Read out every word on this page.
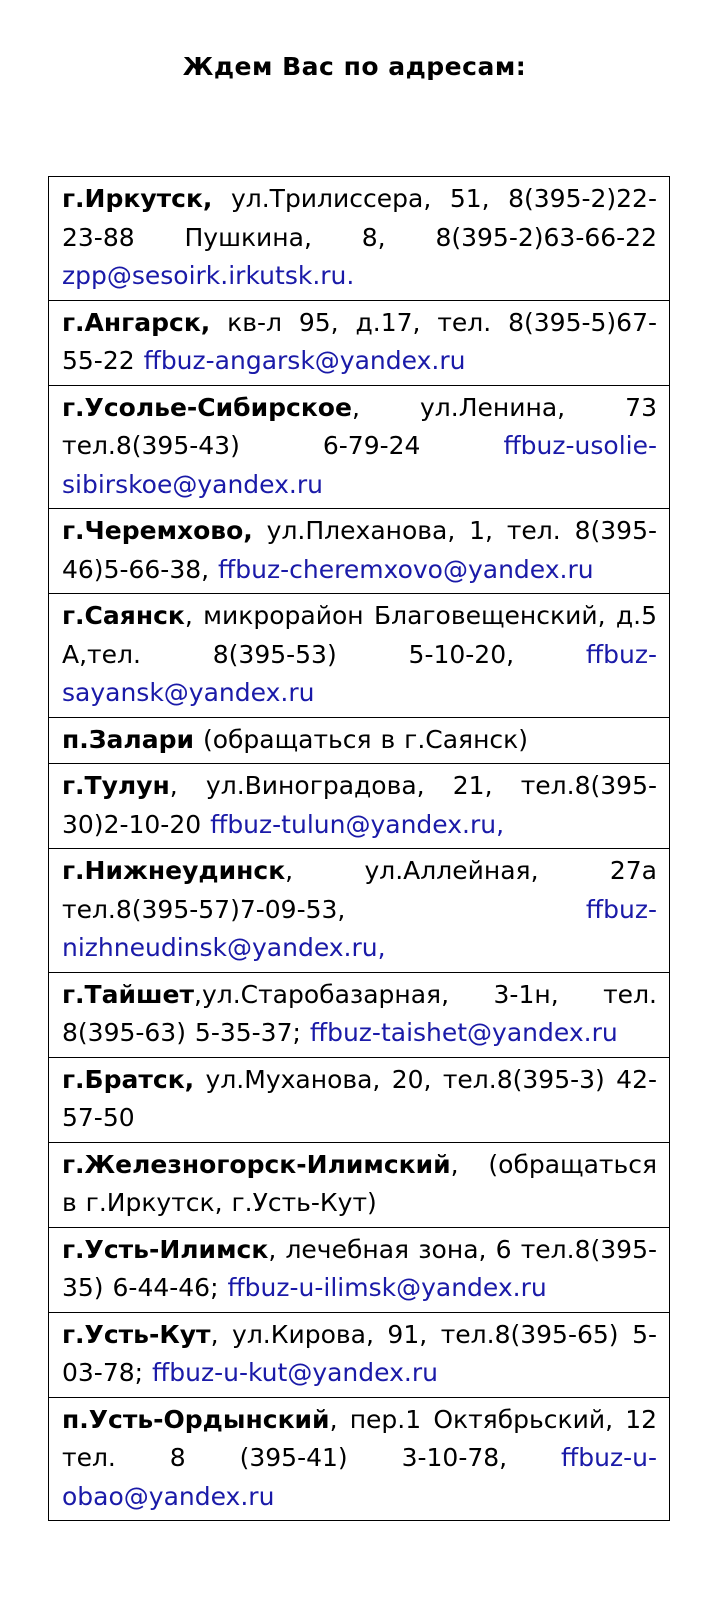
Ждем Вас по адресам:
г.Иркутск, ул.Трилиссера, 51, 8(395-2)22-23-88 Пушкина, 8, 8(395-2)63-66-22 zpp@sesoirk.irkutsk.ru.
г.Ангарск, кв-л 95, д.17, тел. 8(395-5)67-55-22 ffbuz-angarsk@yandex.ru
г.Усолье-Сибирское, ул.Ленина, 73 тел.8(395-43) 6-79-24 ffbuz-usolie-sibirskoe@yandex.ru
г.Черемхово, ул.Плеханова, 1, тел. 8(395-46)5-66-38, ffbuz-cheremxovo@yandex.ru
г.Саянск, микрорайон Благовещенский, д.5 А,тел. 8(395-53) 5-10-20, ffbuz-sayansk@yandex.ru
п.Залари (обращаться в г.Саянск)
г.Тулун, ул.Виноградова, 21, тел.8(395-30)2-10-20 ffbuz-tulun@yandex.ru,
г.Нижнеудинск, ул.Аллейная, 27а тел.8(395-57)7-09-53, ffbuz-nizhneudinsk@yandex.ru,
г.Тайшет,ул.Старобазарная, 3-1н, тел. 8(395-63) 5-35-37; ffbuz-taishet@yandex.ru
г.Братск, ул.Муханова, 20, тел.8(395-3) 42-57-50
г.Железногорск-Илимский, (обращаться в г.Иркутск, г.Усть-Кут)
г.Усть-Илимск, лечебная зона, 6 тел.8(395-35) 6-44-46; ffbuz-u-ilimsk@yandex.ru
г.Усть-Кут, ул.Кирова, 91, тел.8(395-65) 5-03-78; ffbuz-u-kut@yandex.ru
п.Усть-Ордынский, пер.1 Октябрьский, 12 тел. 8 (395-41) 3-10-78, ffbuz-u-obao@yandex.ru
